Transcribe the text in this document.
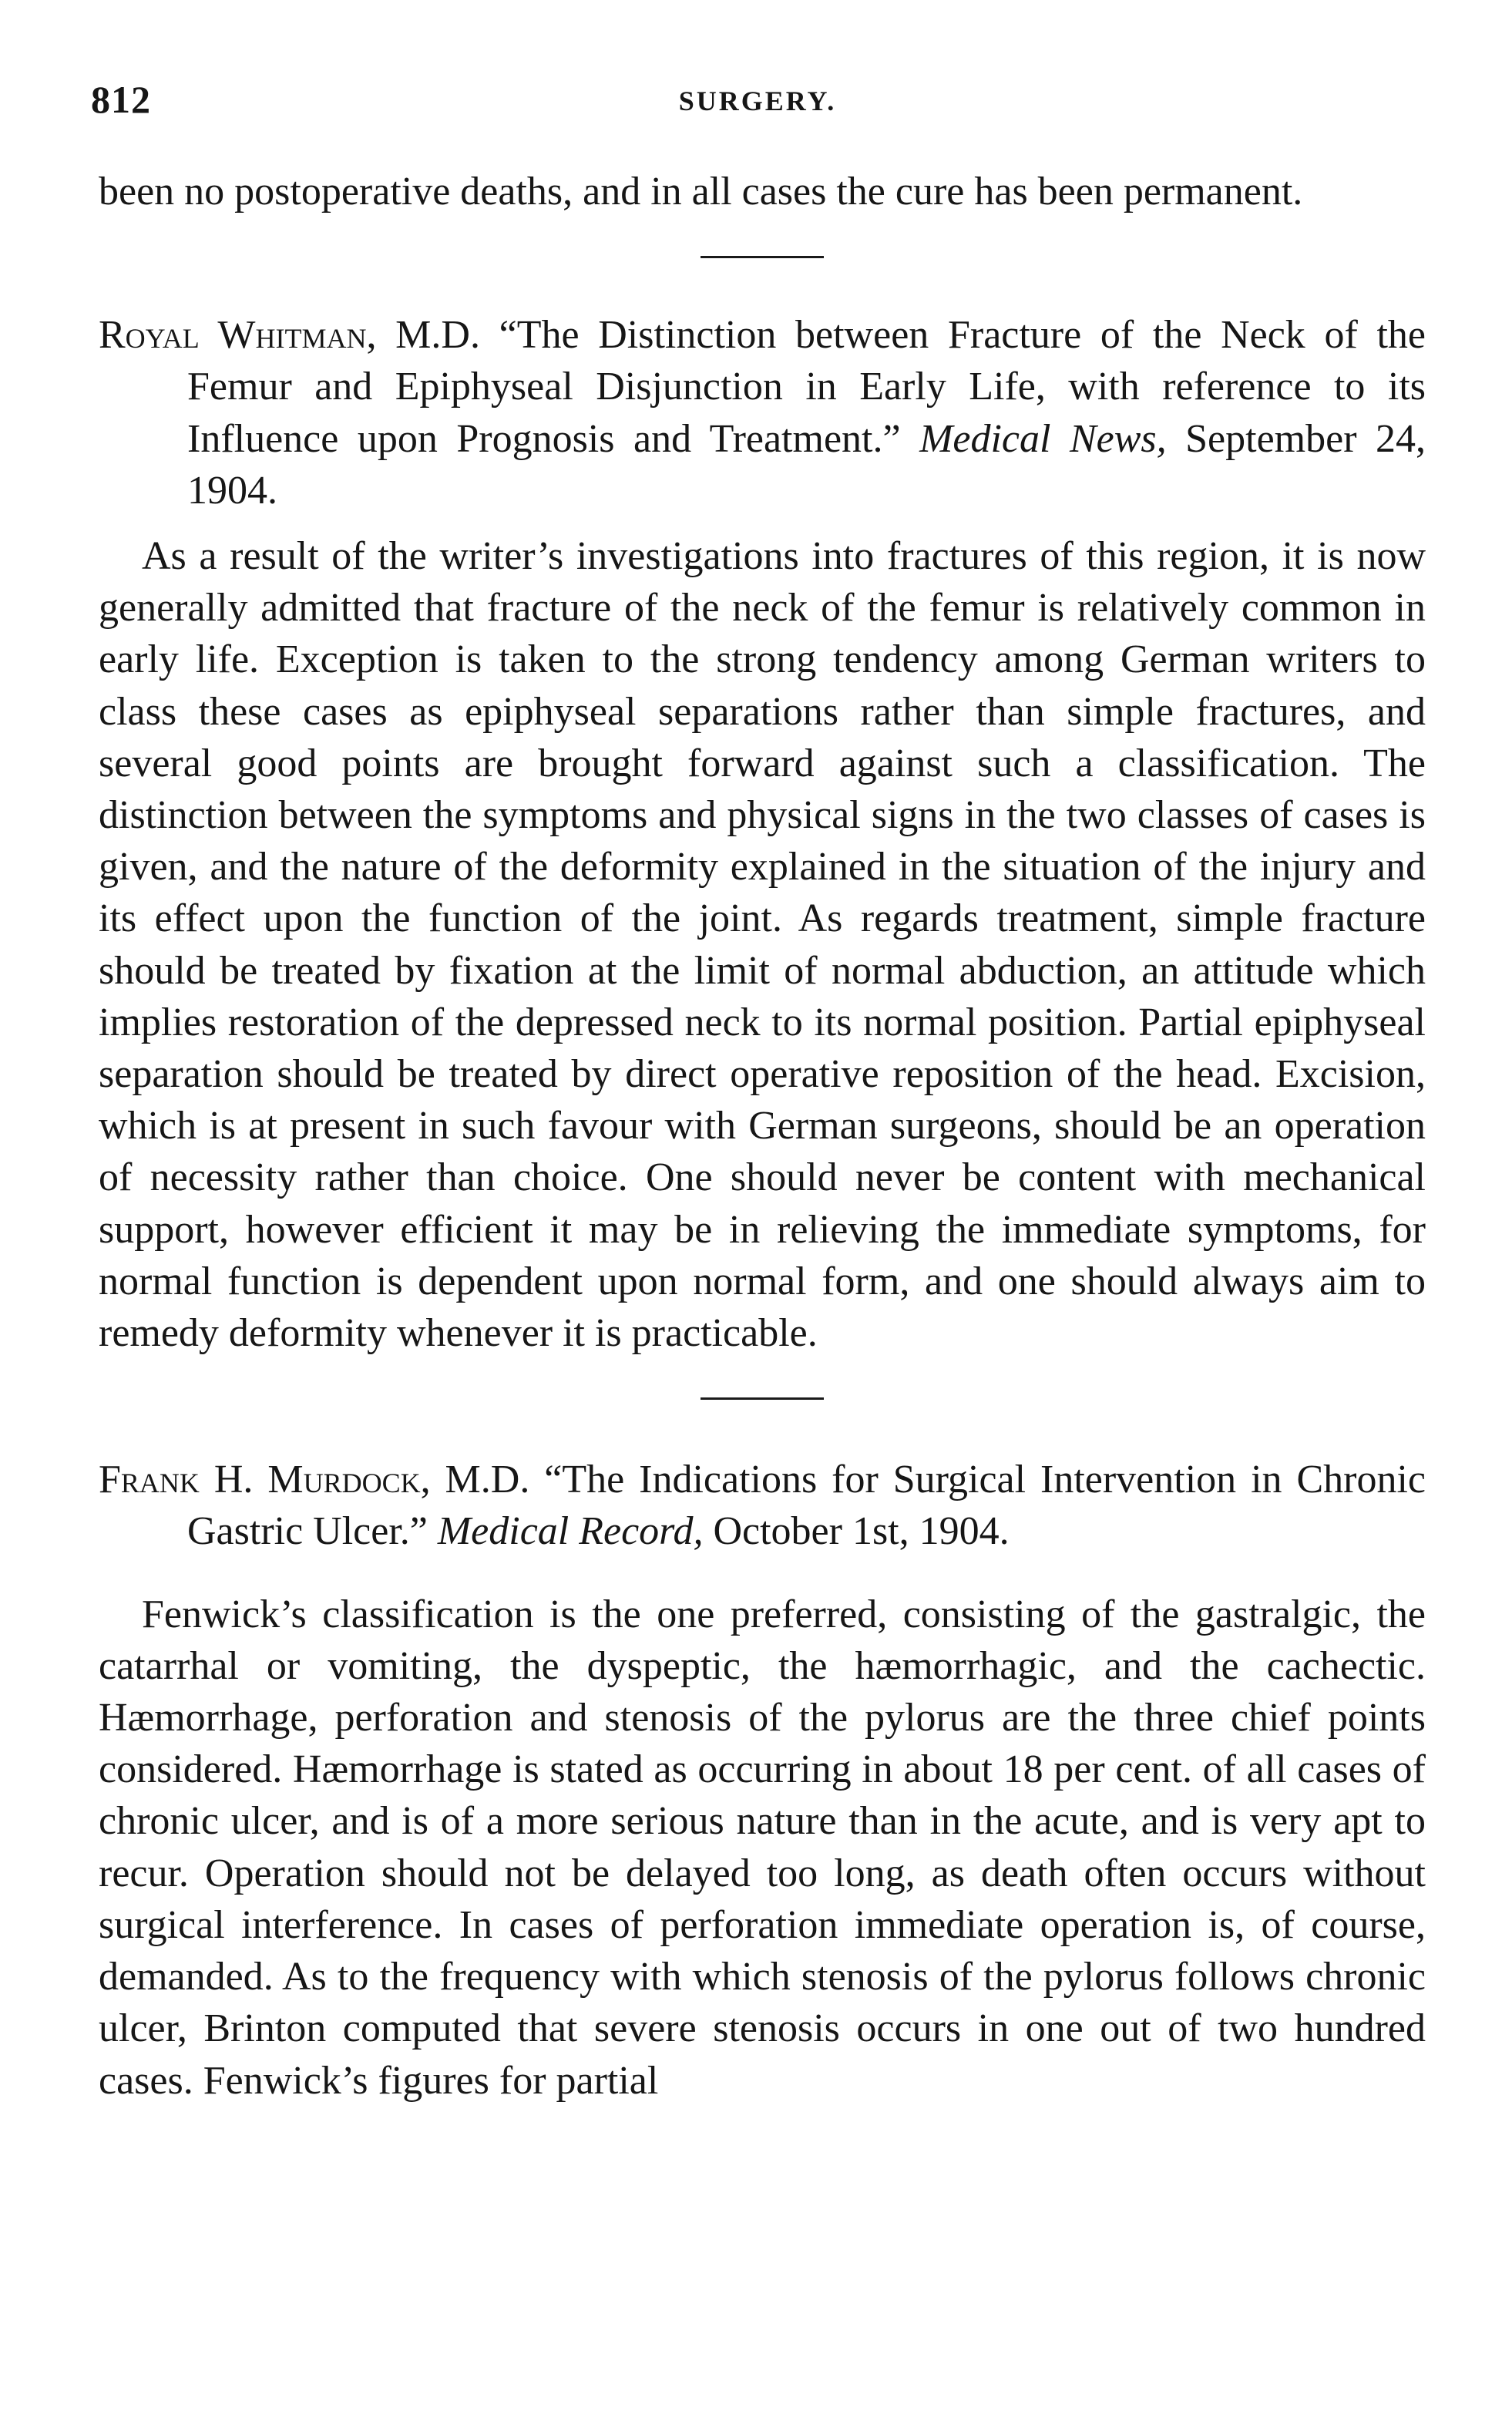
812	SURGERY.

been no postoperative deaths, and in all cases the cure has been permanent.

Royal Whitman, M.D. “The Distinction between Fracture of the Neck of the Femur and Epiphyseal Disjunction in Early Life, with reference to its Influence upon Prognosis and Treatment.” Medical News, September 24, 1904.

As a result of the writer’s investigations into fractures of this region, it is now generally admitted that fracture of the neck of the femur is relatively common in early life. Exception is taken to the strong tendency among German writers to class these cases as epiphyseal separations rather than simple fractures, and several good points are brought forward against such a classification. The distinction between the symptoms and physical signs in the two classes of cases is given, and the nature of the deformity explained in the situation of the injury and its effect upon the function of the joint. As regards treatment, simple fracture should be treated by fixation at the limit of normal abduction, an attitude which implies restoration of the depressed neck to its normal position. Partial epiphyseal separation should be treated by direct operative reposition of the head. Excision, which is at present in such favour with German surgeons, should be an operation of necessity rather than choice. One should never be content with mechanical support, however efficient it may be in relieving the immediate symptoms, for normal function is dependent upon normal form, and one should always aim to remedy deformity whenever it is practicable.

Frank H. Murdock, M.D. “The Indications for Surgical Intervention in Chronic Gastric Ulcer.” Medical Record, October 1st, 1904.

Fenwick’s classification is the one preferred, consisting of the gastralgic, the catarrhal or vomiting, the dyspeptic, the hæmorrhagic, and the cachectic. Hæmorrhage, perforation and stenosis of the pylorus are the three chief points considered. Hæmorrhage is stated as occurring in about 18 per cent. of all cases of chronic ulcer, and is of a more serious nature than in the acute, and is very apt to recur. Operation should not be delayed too long, as death often occurs without surgical interference. In cases of perforation immediate operation is, of course, demanded. As to the frequency with which stenosis of the pylorus follows chronic ulcer, Brinton computed that severe stenosis occurs in one out of two hundred cases. Fenwick’s figures for partial
